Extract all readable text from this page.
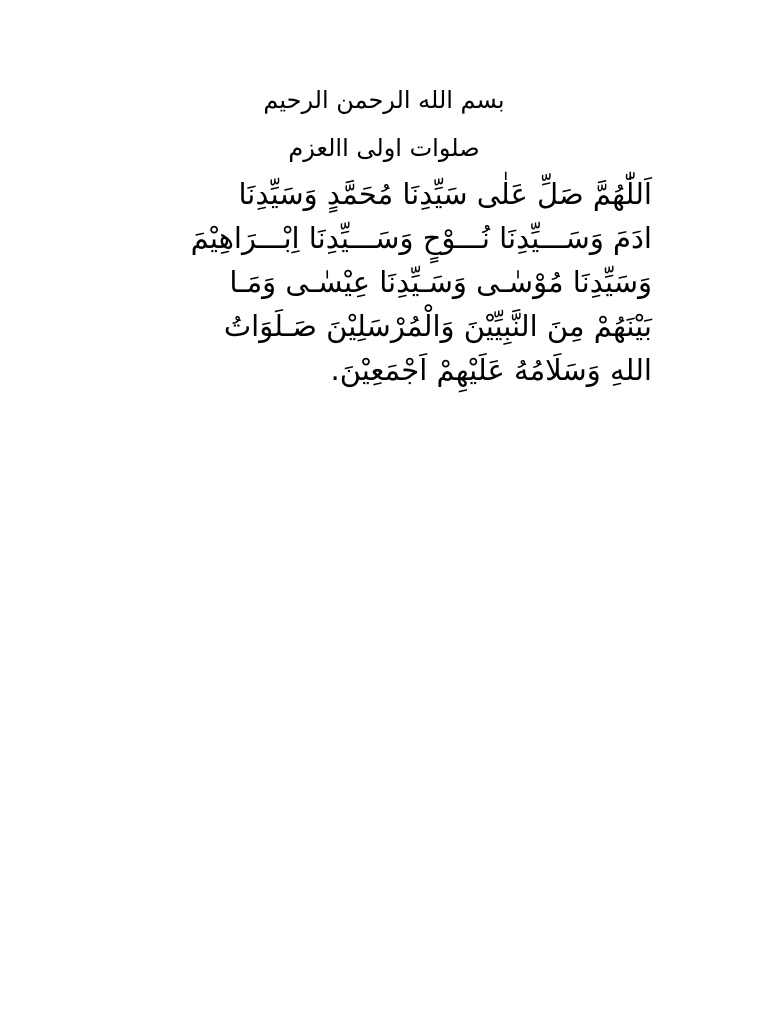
بسم الله الرحمن الرحيم
صلوات اولى االعزم
اَللّٰهُمَّ صَلِّ عَلٰى سَيِّدِنَا مُحَمَّدٍ وَسَيِّدِنَا
ادَمَ وَسَـــيِّدِنَا نُـــوْحٍ وَسَـــيِّدِنَا اِبْـــرَاهِيْمَ
وَسَيِّدِنَا مُوْسٰـى وَسَـيِّدِنَا عِيْسٰـى وَمَـا
بَيْنَهُمْ مِنَ النَّبِيِّيْنَ وَالْمُرْسَلِيْنَ صَـلَوَاتُ
اللهِ وَسَلَامُهُ عَلَيْهِمْ اَجْمَعِيْنَ.
